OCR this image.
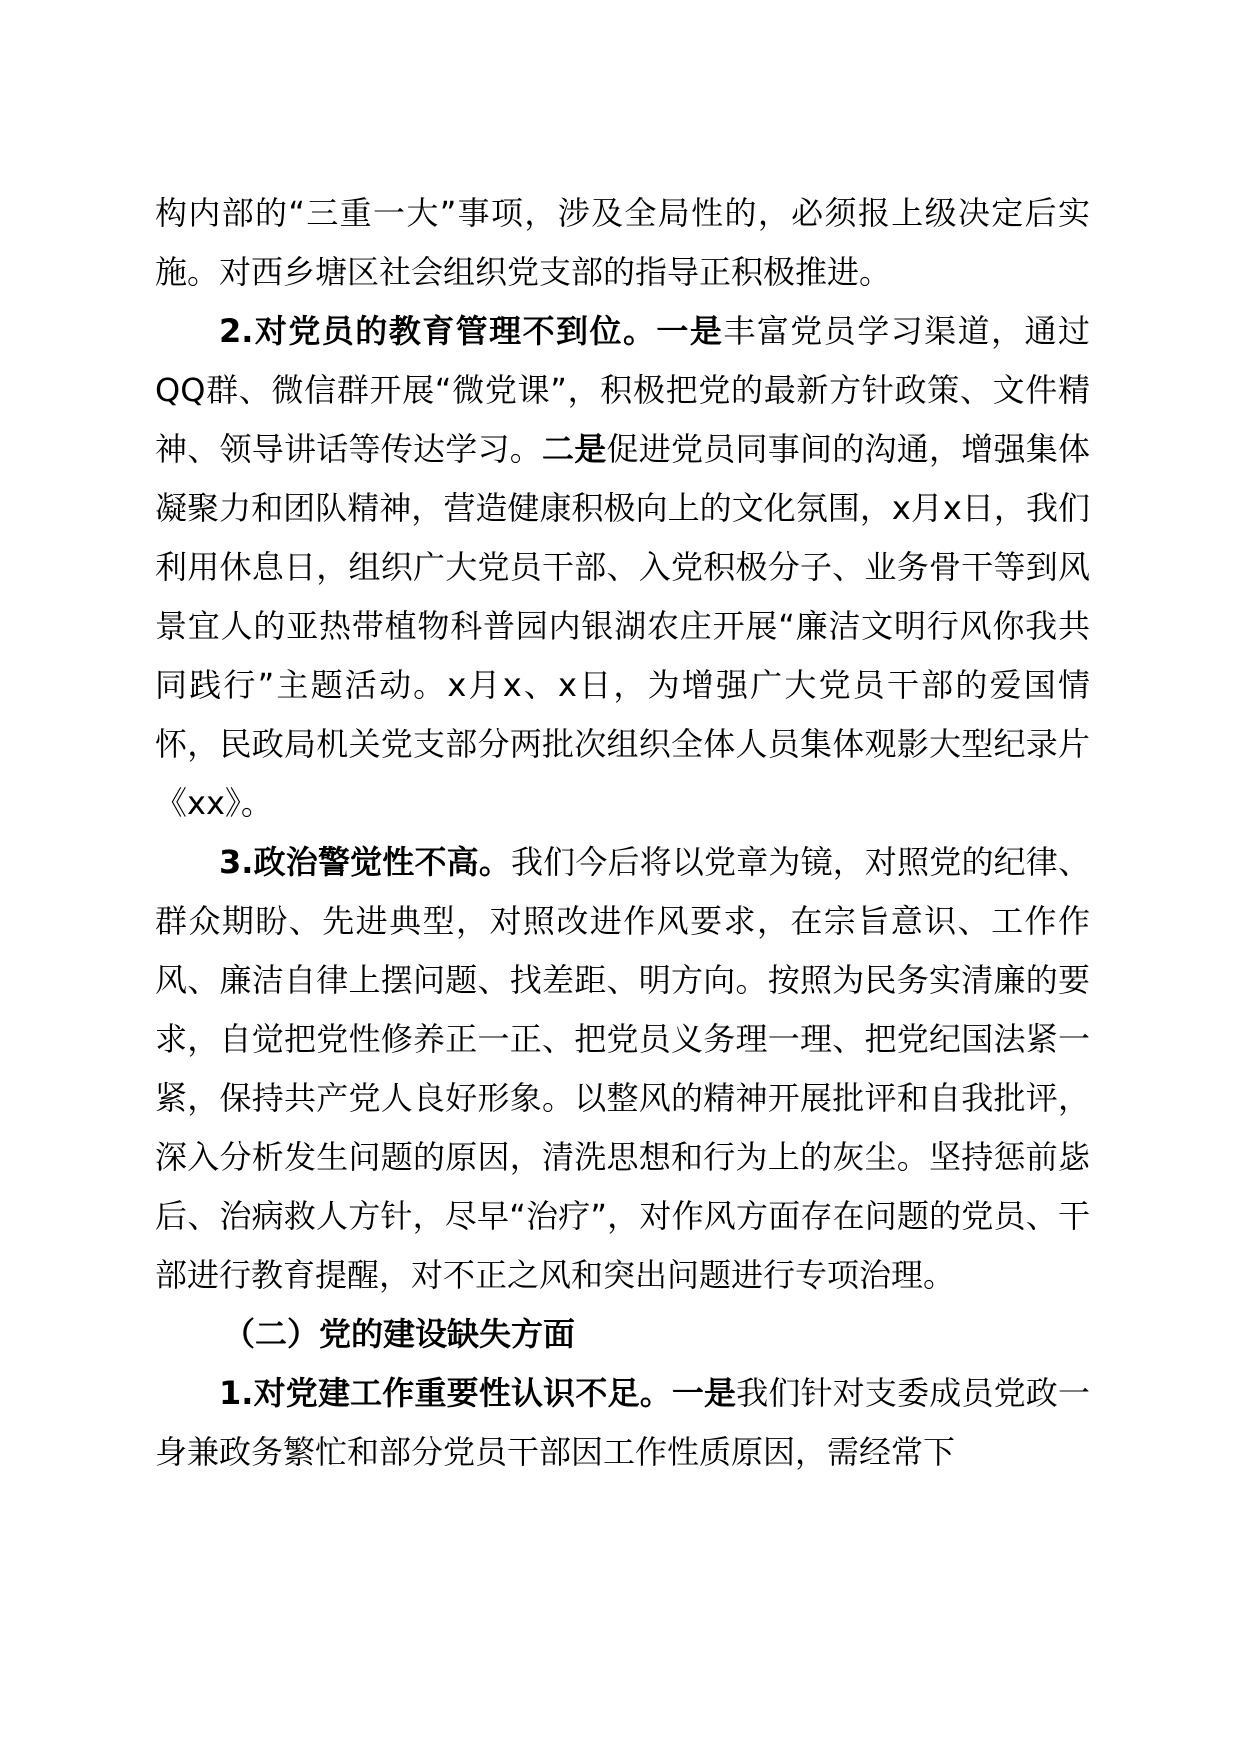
构内部的“三重一大”事项，涉及全局性的，必须报上级决定后实施。对西乡塘区社会组织党支部的指导正积极推进。

2.对党员的教育管理不到位。一是丰富党员学习渠道，通过QQ群、微信群开展“微党课”，积极把党的最新方针政策、文件精神、领导讲话等传达学习。二是促进党员同事间的沟通，增强集体凝聚力和团队精神，营造健康积极向上的文化氛围，x月x日，我们利用休息日，组织广大党员干部、入党积极分子、业务骨干等到风景宜人的亚热带植物科普园内银湖农庄开展“廉洁文明行风你我共同践行”主题活动。x月x、x日，为增强广大党员干部的爱国情怀，民政局机关党支部分两批次组织全体人员集体观影大型纪录片《xx》。

3.政治警觉性不高。我们今后将以党章为镜，对照党的纪律、群众期盼、先进典型，对照改进作风要求，在宗旨意识、工作作风、廉洁自律上摆问题、找差距、明方向。按照为民务实清廉的要求，自觉把党性修养正一正、把党员义务理一理、把党纪国法紧一紧，保持共产党人良好形象。以整风的精神开展批评和自我批评，深入分析发生问题的原因，清洗思想和行为上的灰尘。坚持惩前毖后、治病救人方针，尽早“治疗”，对作风方面存在问题的党员、干部进行教育提醒，对不正之风和突出问题进行专项治理。

（二）党的建设缺失方面

1.对党建工作重要性认识不足。一是我们针对支委成员党政一身兼政务繁忙和部分党员干部因工作性质原因，需经常下
